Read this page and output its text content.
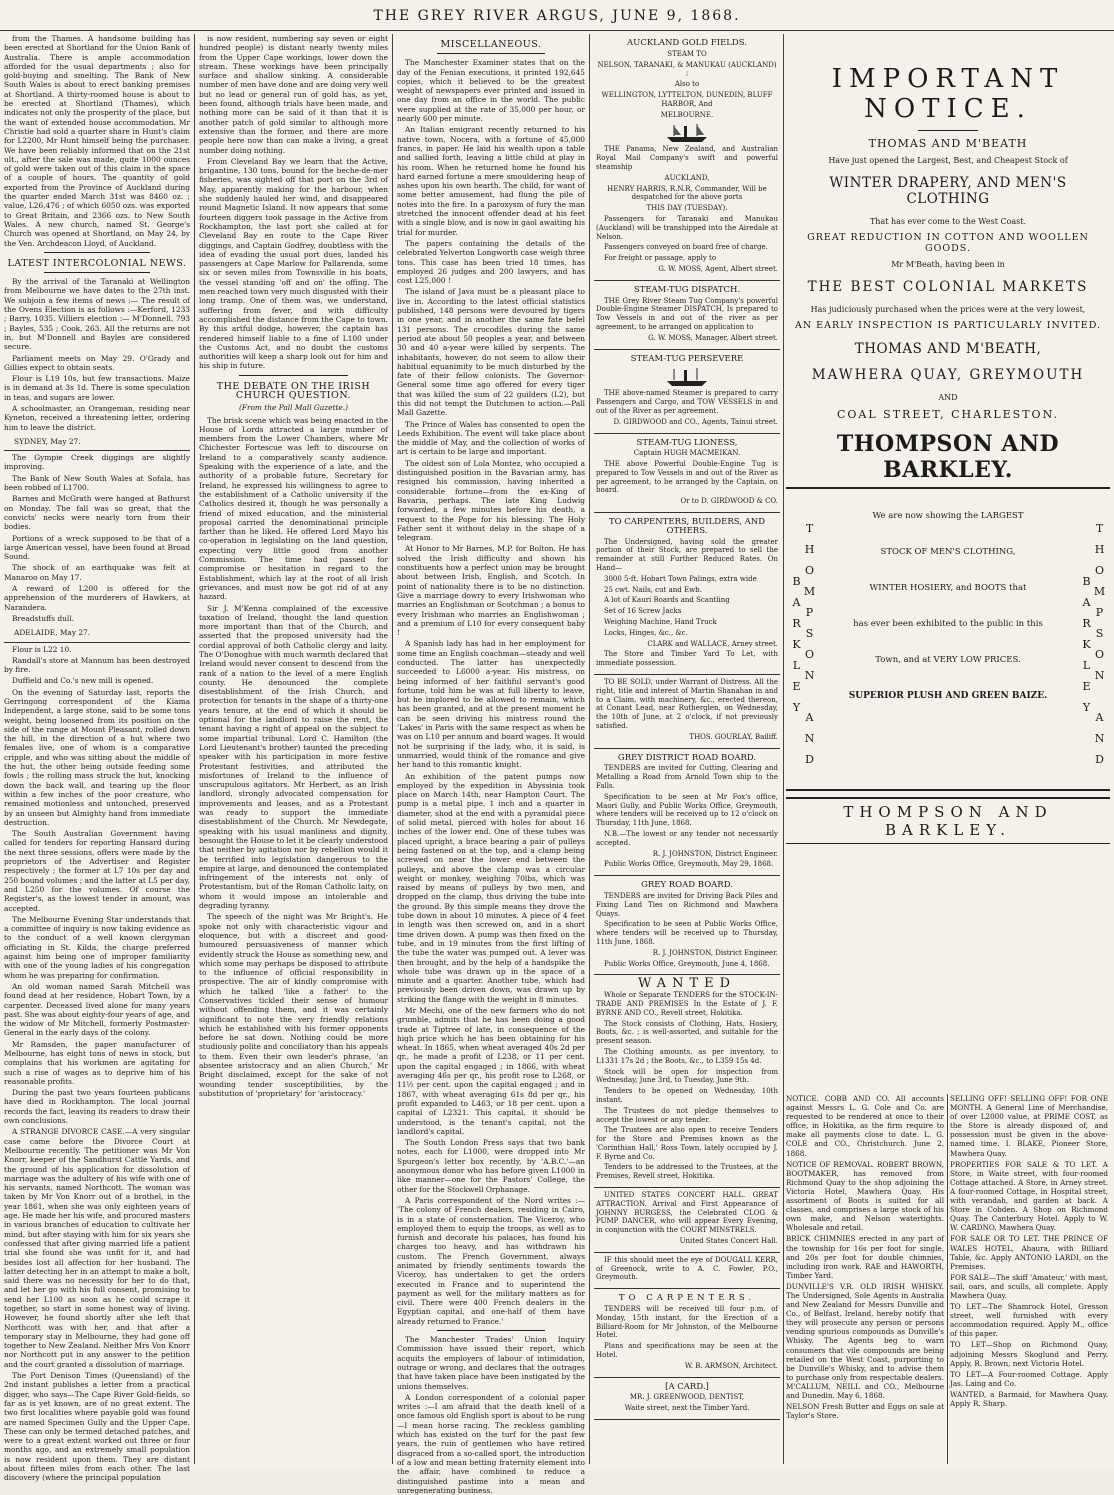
THE GREY RIVER ARGUS, JUNE 9, 1868.

from the Thames. A handsome building has been erected at Shortland for the Union Bank of Australia. There is ample accommodation afforded for the usual departments ; also for gold-buying and smelting. The Bank of New South Wales is about to erect banking premises at Shortland. A thirty-roomed house is about to be erected at Shortland (Thames), which indicates not only the prosperity of the place, but the want of extended house accommodation. Mr Christie had sold a quarter share in Hunt's claim for L2200, Mr Hunt himself being the purchaser. We have been reliably informed that on the 21st ult., after the sale was made, quite 1000 ounces of gold were taken out of this claim in the space of a couple of hours. The quantity of gold exported from the Province of Auckland during the quarter ended March 31st was 8460 oz. ; value, L26,476 ; of which 6050 ozs. was exported to Great Britain, and 2366 ozs. to New South Wales. A new church, named St. George's Church was opened at Shortland, on May 24, by the Ven. Archdeacon Lloyd, of Auckland.

LATEST INTERCOLONIAL NEWS.

By the arrival of the Taranaki at Wellington from Melbourne we have dates to the 27th inst. We subjoin a few items of news :— The result of the Ovens Election is as follows :—Kerford, 1233 ; Barry, 1035. Villiers election :— M'Donnell, 793 ; Bayles, 535 ; Cook, 263. All the returns are not in, but M'Donnell and Bayles are considered secure.

Parliament meets on May 29. O'Grady and Gillies expect to obtain seats.

Flour is L19 10s, but few transactions. Maize is in demand at 3s 1d. There is some speculation in teas, and sugars are lower.

A schoolmaster, an Orangeman, residing near Kyneton, received a threatening letter, ordering him to leave the district.

SYDNEY, May 27.

The Gympie Creek diggings are slightly improving.

The Bank of New South Wales at Sofala, has been robbed of L1700.

Barnes and McGrath were hanged at Bathurst on Monday. The fall was so great, that the convicts' necks were nearly torn from their bodies.

Portions of a wreck supposed to be that of a large American vessel, have been found at Broad Sound.

The shock of an earthquake was felt at Manaroo on May 17.

A reward of L200 is offered for the apprehension of the murderers of Hawkers, at Narandera.

Breadstuffs dull.

ADELAIDE, May 27.

Flour is L22 10.

Randall's store at Mannum has been destroyed by fire.

Duffield and Co.'s new mill is opened.

On the evening of Saturday last, reports the Gerringong correspondent of the Kiama Independent, a large stone, said to be some tons weight, being loosened from its position on the side of the range at Mount Pleasant, rolled down the hill, in the direction of a hut where two females live, one of whom is a comparative cripple, and who was sitting about the middle of the hut, the other being outside feeding some fowls ; the rolling mass struck the hut, knocking down the back wall, and tearing up the floor within a few inches of the poor creature, who remained motionless and untouched, preserved by an unseen but Almighty hand from immediate destruction.

The South Australian Government having called for tenders for reporting Hansard during the next three sessions, offers were made by the proprietors of the Advertiser and Register respectively ; the former at L7 10s per day and 250 bound volumes ; and the latter at L5 per day, and L250 for the volumes. Of course the Register's, as the lowest tender in amount, was accepted.

The Melbourne Evening Star understands that a committee of inquiry is now taking evidence as to the conduct of a well known clergyman officiating in St. Kilda, the charge preferred against him being one of improper familiarity with one of the young ladies of his congregation whom he was preparing for confirmation.

An old woman named Sarah Mitchell was found dead at her residence, Hobart Town, by a carpenter. Deceased lived alone for many years past. She was about eighty-four years of age, and the widow of Mr Mitchell, formerly Postmaster-General in the early days of the colony.

Mr Ramsden, the paper manufacturer of Melbourne, has eight tons of news in stock, but complains that his workmen are agitating for such a rise of wages as to deprive him of his reasonable profits.

During the past two years fourteen publicans have died in Rockhampton. The local journal records the fact, leaving its readers to draw their own conclusions.

A STRANGE DIVORCE CASE.—A very singular case came before the Divorce Court at Melbourne recently. The petitioner was Mr Von Knorr, keeper of the Sandhurst Cattle Yards, and the ground of his application for dissolution of marriage was the adultery of his wife with one of his servants, named Northcott. The woman was taken by Mr Von Knorr out of a brothel, in the year 1861, when she was only eighteen years of age. He made her his wife, and procured masters in various branches of education to cultivate her mind, but after staying with him for six years she confessed that after giving married life a patient trial she found she was unfit for it, and had besides lost all affection for her husband. The latter detecting her in an attempt to make a bolt, said there was no necessity for her to do that, and let her go with his full consent, promising to send her L100 as soon as he could scrape it together, so start in some honest way of living. However, he found shortly after she left that Northcott was with her, and that after a temporary stay in Melbourne, they had gone off together to New Zealand. Neither Mrs Von Knorr nor Northcott put in any answer to the petition and the court granted a dissolution of marriage.

The Port Denison Times (Queensland) of the 2nd instant publishes a letter from a practical digger, who says—The Cape River Gold-fields, so far as is yet known, are of no great extent. The two first localities where payable gold was found are named Specimen Gully and the Upper Cape. These can only be termed detached patches, and were to a great extent worked out three or four months ago, and an extremely small population is now resident upon them. They are distant about fifteen miles from each other. The last discovery (where the principal population

is now resident, numbering say seven or eight hundred people) is distant nearly twenty miles from the Upper Cape workings, lower down the stream. These workings have been principally surface and shallow sinking. A considerable number of men have done and are doing very well but no lead or general run of gold has, as yet, been found, although trials have been made, and nothing more can be said of it than that it is another patch of gold similar to although more extensive than the former, and there are more people here now than can make a living, a great number doing nothing.

From Cleveland Bay we learn that the Active, brigantine, 130 tons, bound for the beche-de-mer fisheries, was sighted off that port on the 3rd of May, apparently making for the harbour, when she suddenly hauled her wind, and disappeared round Magnetic Island. It now appears that some fourteen diggers took passage in the Active from Rockhampton, the last port she called at for Cleveland Bay en route to the Cape River diggings, and Captain Godfrey, doubtless with the idea of evading the usual port dues, landed his passengers at Cape Marlow for Pallarenda, some six or seven miles from Townsville in his boats, the vessel standing 'off and on' the offing. The men reached town very much disgusted with their long tramp. One of them was, we understand, suffering from fever, and with difficulty accomplished the distance from the Cape to town. By this artful dodge, however, the captain has rendered himself liable to a fine of L100 under the Customs Act, and no doubt the customs authorities will keep a sharp look out for him and his ship in future.

THE DEBATE ON THE IRISH CHURCH QUESTION.

(From the Pall Mall Gazette.)

The brisk scene which was being enacted in the House of Lords attracted a large number of members from the Lower Chambers, where Mr Chichester Fortescue was left to discourse on Ireland to a comparatively scanty audience. Speaking with the experience of a late, and the authority of a probable future, Secretary for Ireland, he expressed his willingness to agree to the establishment of a Catholic university if the Catholics desired it, though he was personally a friend of mixed education, and the ministerial proposal carried the denominational principle farther than he liked. He offered Lord Mayo his co-operation in legislating on the land question, expecting very little good from another Commission. The time had passed for compromise or hesitation in regard to the Establishment, which lay at the root of all Irish grievances, and must now be got rid of at any hazard.

Sir J. M'Kenna complained of the excessive taxation of Ireland, thought the land question more important than that of the Church, and asserted that the proposed university had the cordial approval of both Catholic clergy and laity. The O'Donoghue with much warmth declared that Ireland would never consent to descend from the rank of a nation to the level of a mere English county. He denounced the complete disestablishment of the Irish Church, and protection for tenants in the shape of a thirty-one years tenure, at the end of which it should be optional for the landlord to raise the rent, the tenant having a right of appeal on the subject to some impartial tribunal. Lord C. Hamilton (the Lord Lieutenant's brother) taunted the preceding speaker with his participation in more festive Protestant festivities, and attributed the misfortunes of Ireland to the influence of unscrupulous agitators. Mr Herbert, as an Irish landlord, strongly advocated compensation for improvements and leases, and as a Protestant was ready to support the immediate disestablishment of the Church. Mr Newdegate, speaking with his usual manliness and dignity, besought the House to let it be clearly understood that neither by agitation nor by rebellion would it be terrified into legislation dangerous to the empire at large, and denounced the contemplated infringement of the interests not only of Protestantism, but of the Roman Catholic laity, on whom it would impose an intolerable and degrading tyranny.

The speech of the night was Mr Bright's. He spoke not only with characteristic vigour and eloquence, but with a discreet and good-humoured persuasiveness of manner which evidently struck the House as something new, and which some may perhaps be disposed to attribute to the influence of official responsibility in prospective. The air of kindly compromise with which he talked 'like a father' to the Conservatives tickled their sense of humour without offending them, and it was certainly significant to note the very friendly relations which he established with his former opponents before he sat down. Nothing could be more studiously polite and conciliatory than his appeals to them. Even their own leader's phrase, 'an absentee aristocracy and an alien Church,' Mr Bright disclaimed, except for the sake of not wounding tender susceptibilities, by the substitution of 'proprietary' for 'aristocracy.'

MISCELLANEOUS.

The Manchester Examiner states that on the day of the Fenian executions, it printed 192,645 copies, which it believed to be the greatest weight of newspapers ever printed and issued in one day from an office in the world. The public were supplied at the rate of 35,000 per hour, or nearly 600 per minute.

An Italian emigrant recently returned to his native town, Nocera, with a fortune of 45,000 francs, in paper. He laid his wealth upon a table and sallied forth, leaving a little child at play in his room. When he returned home he found his hard earned fortune a mere smouldering heap of ashes upon his own hearth. The child, for want of some better amusement, had flung the pile of notes into the fire. In a paroxysm of fury the man stretched the innocent offender dead at his feet with a single blow, and is now in gaol awaiting his trial for murder.

The papers containing the details of the celebrated Yelverton Longworth case weigh three tons. This case has been tried 18 times, has employed 26 judges and 200 lawyers, and has cost L25,000 !

The island of Java must be a pleasant place to live in. According to the latest official statistics published, 148 persons were devoured by tigers in one year, and in another the same fate befel 131 persons. The crocodiles during the same period ate about 50 peoples a year, and between 30 and 40 a-year were killed by serpents. The inhabitants, however, do not seem to allow their habitual equanimity to be much disturbed by the fate of their fellow colonists. The Governor-General some time ago offered for every tiger that was killed the sum of 22 guilders (L2), but this did not tempt the Dutchmen to action.—Pall Mall Gazette.

The Prince of Wales has consented to open the Leeds Exhibition. The event will take place about the middle of May, and the collection of works of art is certain to be large and important.

The oldest son of Lola Montez, who occupied a distinguished position in the Bavarian army, has resigned his commission, having inherited a considerable fortune—from the ex-King of Bavaria, perhaps. The late King Ludwig forwarded, a few minutes before his death, a request to the Pope for his blessing. The Holy Father sent it without delay in the shape of a telegram.

At Honor to Mr Barnes, M.P. for Bolton. He has solved the Irish difficulty and shown his constituents how a perfect union may be brought about between Irish, English, and Scotch. In point of nationality there is to be no distinction. Give a marriage dowry to every Irishwoman who marries an Englishman or Scotchman ; a bonus to every Irishman who marries an Englishwoman ; and a premium of L10 for every consequent baby !

A Spanish lady has had in her employment for some time an English coachman—steady and well conducted. The latter has unexpectedly succeeded to L6000 a-year. His mistress, on being informed of her faithful servant's good fortune, told him he was at full liberty to leave, but he implored to be allowed to remain, which has been granted, and at the present moment he can be seen driving his mistress round the 'Lakes' in Paris with the same respect as when he was on L10 per annum and board wages. It would not be surprising if the lady, who, it is said, is unmarried, would think of the romance and give her hand to this romantic knight.

An exhibition of the patent pumps now employed by the expedition in Abyssinia took place on March 14th, near Hampton Court. The pump is a metal pipe, 1 inch and a quarter in diameter, shod at the end with a pyramidal piece of solid metal, pierced with holes for about 16 inches of the lower end. One of these tubes was placed upright, a brace bearing a pair of pulleys being fastened on at the top, and a clamp being screwed on near the lower end between the pulleys, and above the clamp was a circular weight or monkey, weighing 70lbs, which was raised by means of pulleys by two men, and dropped on the clamp, thus driving the tube into the ground. By this simple means they drove the tube down in about 10 minutes. A piece of 4 feet in length was then screwed on, and in a short time driven down. A pump was then fixed on the tube, and in 19 minutes from the first lifting of the tube the water was pumped out. A lever was then brought, and by the help of a handspike the whole tube was drawn up in the space of a minute and a quarter. Another tube, which had previously been driven down, was drawn up by striking the flange with the weight in 8 minutes.

Mr Mechi, one of the new farmers who do not grumble, admits that he has been doing a good trade at Tiptree of late, in consequence of the high price which he has been obtaining for his wheat. In 1865, when wheat averaged 40s 2d per qr., he made a profit of L238, or 11 per cent. upon the capital engaged ; in 1866, with wheat averaging 46s per qr., his profit rose to L268, or 11½ per cent. upon the capital engaged ; and in 1867, with wheat averaging 61s 8d per qr., his profit expanded to L463, or 18 per cent. upon a capital of L2321. This capital, it should be understood, is the tenant's capital, not the landlord's capital.

The South London Press says that two bank notes, each for L1000, were dropped into Mr Spurgeon's letter box recently, by 'A.B.C.'—an anonymous donor who has before given L1000 in like manner—one for the Pastors' College, the other for the Stockwell Orphanage.

A Paris correspondent of the Nord writes :— 'The colony of French dealers, residing in Cairo, is in a state of consternation. The Viceroy, who employed them to equip the troops, as well as to furnish and decorate his palaces, has found his charges too heavy, and has withdrawn his custom. The French Government, always animated by friendly sentiments towards the Viceroy, has undertaken to get the orders executed in France and to superintend the payment as well for the military matters as for civil. There were 400 French dealers in the Egyptian capital, and one-half of them have already returned to France.'

The Manchester Trades' Union Inquiry Commission have issued their report, which acquits the employers of labour of intimidation, outrage or wrong, and declares that the outrages that have taken place have been instigated by the unions themselves.

A London correspondent of a colonial paper writes :—I am afraid that the death knell of a once famous old English sport is about to be rung—I mean horse racing. The reckless gambling which has existed on the turf for the past few years, the ruin of gentlemen who have retired disgraced from a so-called sport, the introduction of a low and mean betting fraternity element into the affair, have combined to reduce a distinguished pastime into a mean and unregenerating business.

AUCKLAND GOLD FIELDS.

STEAM TO

NELSON, TARANAKI, & MANUKAU (AUCKLAND) ;

Also to

WELLINGTON, LYTTELTON, DUNEDIN, BLUFF HARBOR, And

MELBOURNE.

THE Panama, New Zealand, and Australian Royal Mail Company's swift and powerful steamship

AUCKLAND,

HENRY HARRIS, R.N.R, Commander, Will be despatched for the above ports

THIS DAY (TUESDAY).

Passengers for Taranaki and Manukau (Auckland) will be transhipped into the Airedale at Nelson.

Passengers conveyed on board free of charge.

For freight or passage, apply to

G. W. MOSS, Agent, Albert street.

STEAM-TUG DISPATCH.

THE Grey River Steam Tug Company's powerful Double-Engine Steamer DISPATCH, Is prepared to Tow Vessels in and out of the river as per agreement, to be arranged on application to

G. W. MOSS, Manager, Albert street.

STEAM-TUG PERSEVERE

THE above-named Steamer is prepared to carry Passengers and Cargo, and TOW VESSELS in and out of the River as per agreement.

D. GIRDWOOD and CO., Agents, Tainui street.

STEAM-TUG LIONESS,

Captain HUGH MACMEIKAN.

THE above Powerful Double-Engine Tug is prepared to Tow Vessels in and out of the River as per agreement, to be arranged by the Captain, on board.

Or to D. GIRDWOOD & CO.

TO CARPENTERS, BUILDERS, AND OTHERS.

The Undersigned, having sold the greater portion of their Stock, are prepared to sell the remainder at still Further Reduced Rates. On Hand—

3000 5-ft. Hobart Town Palings, extra wide

25 cwt. Nails, cut and Ewb.

A lot of Kauri Boards and Scantling

Set of 16 Screw Jacks

Weighing Machine, Hand Truck

Locks, Hinges, &c., &c.

CLARK and WALLACE, Arney street.

The Store and Timber Yard To Let, with immediate possession.

TO BE SOLD, under Warrant of Distress. All the right, title and interest of Martin Shanahan in and to a Claim, with machinery, &c., erected thereon, at Conant Lead, near Rutherglen, on Wednesday, the 10th of June, at 2 o'clock, if not previously satisfied.

THOS. GOURLAY, Bailiff.

GREY DISTRICT ROAD BOARD.

TENDERS are invited for Cutting, Clearing and Metalling a Road from Arnold Town ship to the Falls.

Specification to be seen at Mr Fox's office, Maori Gully, and Public Works Office, Greymouth, where tenders will be received up to 12 o'clock on Thursday, 11th June, 1868.

N.B.—The lowest or any tender not necessarily accepted.

R. J. JOHNSTON, District Engineer.

Public Works Office, Greymouth, May 29, 1868.

GREY ROAD BOARD.

TENDERS are invited for Driving Back Piles and Fixing Land Ties on Richmond and Mawhera Quays.

Specification to be seen at Public Works Office, where tenders will be received up to Thursday, 11th June, 1868.

R. J. JOHNSTON, District Engineer.

Public Works Office, Greymouth, June 4, 1868.

WANTED

Whole or Separate TENDERS for the STOCK-IN-TRADE AND PREMISES In the Estate of J. F. BYRNE AND CO., Revell street, Hokitika.

The Stock consists of Clothing, Hats, Hosiery, Boots, &c. ; is well-assorted, and suitable for the present season.

The Clothing amounts, as per inventory, to L1331 17s 2d ; the Boots, &c., to L359 15s 4d.

Stock will be open for inspection from Wednesday, June 3rd, to Tuesday, June 9th.

Tenders to be opened on Wednesday, 10th instant.

The Trustees do not pledge themselves to accept the lowest or any tender.

The Trustees are also open to receive Tenders for the Store and Premises known as the 'Corinthian Hall,' Ross Town, lately occupied by J. F. Byrne and Co.

Tenders to be addressed to the Trustees, at the Premises, Revell street, Hokitika.

UNITED STATES CONCERT HALL. GREAT ATTRACTION. Arrival and First Appearance of JOHNNY BURGESS, the Celebrated CLOG & PUMP DANCER, who will appear Every Evening, in conjunction with the COURT MINSTRELS.

United States Concert Hall.

IF this should meet the eye of DOUGALL KERR, of Greenock, write to A. C. Fowler, P.O., Greymouth.

TO CARPENTERS.

TENDERS will be received till four p.m. of Monday, 15th instant, for the Erection of a Billiard-Room for Mr Johnston, of the Melbourne Hotel.

Plans and specifications may be seen at the Hotel.

W. B. ARMSON, Architect.

[A CARD.]

MR. J. GREENWOOD, DENTIST,

Waite street, next the Timber Yard.

IMPORTANT NOTICE.
THOMAS AND M'BEATH
Have just opened the Largest, Best, and Cheapest Stock of
WINTER DRAPERY, AND MEN'S CLOTHING
That has ever come to the West Coast.
GREAT REDUCTION IN COTTON AND WOOLLEN GOODS.
Mr M'Beath, having been in
THE BEST COLONIAL MARKETS
Has judiciously purchased when the prices were at the very lowest,
AN EARLY INSPECTION IS PARTICULARLY INVITED.
THOMAS AND M'BEATH,
MAWHERA QUAY, GREYMOUTH
AND
COAL STREET, CHARLESTON.
THOMPSON AND BARKLEY.
THOMPSON AND BARKLEY	THOMPSON AND BARKLEY
We are now showing the LARGEST
STOCK OF MEN'S CLOTHING,
WINTER HOSIERY, and BOOTS that
has ever been exhibited to the public in this
Town, and at VERY LOW PRICES.
SUPERIOR PLUSH AND GREEN BAIZE.
THOMPSON AND BARKLEY.

NOTICE. COBB AND CO. All accounts against Messrs L. G. Cole and Co. are requested to be rendered at once to their office, in Hokitika, as the firm require to make all payments close to date. L. G. COLE and CO., Christchurch. June 2, 1868.

NOTICE OF REMOVAL. ROBERT BROWN, BOOTMAKER, has removed from Richmond Quay to the shop adjoining the Victoria Hotel, Mawhera Quay. His assortment of Boots is suited for all classes, and comprises a large stock of his own make, and Nelson watertights. Wholesale and retail.

BRICK CHIMNIES erected in any part of the township for 16s per foot for single, and 20s per foot for double chimnies, including iron work. RAE and HAWORTH, Timber Yard.

DUNVILLE'S V.R. OLD IRISH WHISKY. The Undersigned, Sole Agents in Australia and New Zealand for Messrs Dunville and Co., of Belfast, Ireland, hereby notify that they will prosecute any person or persons vending spurious compounds as Dunville's Whisky. The Agents beg to warn consumers that vile compounds are being retailed on the West Coast, purporting to be Dunville's Whisky, and to advise them to purchase only from respectable dealers. M'CALLUM, NEILL and CO., Melbourne and Dunedin. May 6, 1868.

NELSON Fresh Butter and Eggs on sale at Taylor's Store.

SELLING OFF! SELLING OFF! FOR ONE MONTH. A General Line of Merchandise, of over L2000 value, at PRIME COST, as the Store is already disposed of, and possession must be given in the above-named time. I. BLAKE, Pioneer Store, Mawhera Quay.

PROPERTIES FOR SALE & TO LET. A Store, in Waite street, with four-roomed Cottage attached. A Store, in Arney street. A four-roomed Cottage, in Hospital street, with verandah, and garden at back. A Store in Cobden. A Shop on Richmond Quay. The Canterbury Hotel. Apply to W. W. CARDNO, Mawhera Quay.

FOR SALE OR TO LET. THE PRINCE OF WALES HOTEL, Ahaura, with Billiard Table, &c. Apply ANTONIO LARDI, on the Premises.

FOR SALE—The skiff 'Amateur,' with mast, sail, oars, and sculls, all complete. Apply Mawhera Quay.

TO LET—The Shamrock Hotel, Gresson street, well furnished with every accommodation required. Apply M., office of this paper.

TO LET—Shop on Richmond Quay, adjoining Messrs Skoglund and Perry. Apply, R. Brown, next Victoria Hotel.

TO LET—A Four-roomed Cottage. Apply Jas. Laing and Co.

WANTED, a Barmaid, for Mawhera Quay. Apply R. Sharp.
